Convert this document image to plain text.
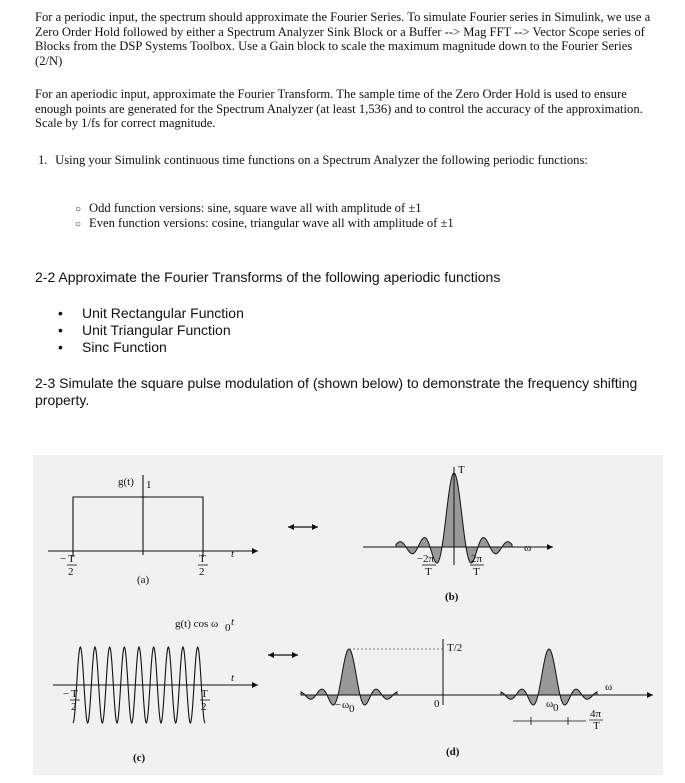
For a periodic input, the spectrum should approximate the Fourier Series. To simulate Fourier series in Simulink, we use a Zero Order Hold followed by either a Spectrum Analyzer Sink Block or a Buffer --> Mag FFT --> Vector Scope series of Blocks from the DSP Systems Toolbox. Use a Gain block to scale the maximum magnitude down to the Fourier Series (2/N)
For an aperiodic input, approximate the Fourier Transform. The sample time of the Zero Order Hold is used to ensure enough points are generated for the Spectrum Analyzer (at least 1,536) and to control the accuracy of the approximation. Scale by 1/fs for correct magnitude.
1. Using your Simulink continuous time functions on a Spectrum Analyzer the following periodic functions:
○ Odd function versions: sine, square wave all with amplitude of ±1
○ Even function versions: cosine, triangular wave all with amplitude of ±1
2-2 Approximate the Fourier Transforms of the following aperiodic functions
• Unit Rectangular Function
• Unit Triangular Function
• Sinc Function
2-3 Simulate the square pulse modulation of (shown below) to demonstrate the frequency shifting property.
g(t) 1
− T
2
T
2
t
(a)
T
ω
− 2π
T
2π
T
(b)
g(t) cos ω 0 t
t
− T
2
T
2
(c)
T/2
0
− ω 0	ω 0
ω
4π
T
(d)
